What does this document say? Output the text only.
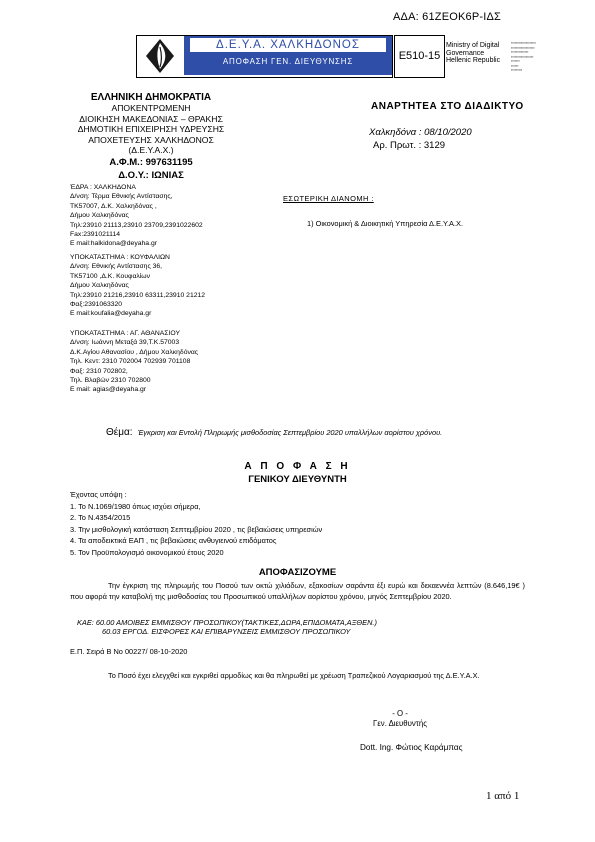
ΑΔΑ: 61ΖΕΟΚ6Ρ-ΙΔΣ
Δ.Ε.Υ.Α. ΧΑΛΚΗΔΟΝΟΣ
ΑΠΟΦΑΣΗ ΓΕΝ. ΔΙΕΥΘΥΝΣΗΣ	Ε510-15
Ministry of Digital
Governance
Hellenic Republic
▪▪▪▪▪▪▪▪▪▪▪▪▪▪▪▪▪▪▪▪
▪▪▪▪▪▪▪▪▪▪▪▪▪▪▪▪▪▪▪
▪▪▪▪▪▪▪▪▪▪▪▪▪▪
▪▪▪▪▪▪▪▪▪▪▪▪▪▪▪▪▪▪
▪▪▪▪▪▪▪
▪▪▪▪▪▪
▪▪▪▪▪▪▪▪▪
ΕΛΛΗΝΙΚΗ ΔΗΜΟΚΡΑΤΙΑ
ΑΠΟΚΕΝΤΡΩΜΕΝΗ
ΔΙΟΙΚΗΣΗ ΜΑΚΕΔΟΝΙΑΣ – ΘΡΑΚΗΣ
ΔΗΜΟΤΙΚΗ ΕΠΙΧΕΙΡΗΣΗ ΥΔΡΕΥΣΗΣ
ΑΠΟΧΕΤΕΥΣΗΣ ΧΑΛΚΗΔΟΝΟΣ
(Δ.Ε.Υ.Α.Χ.)
Α.Φ.Μ.: 997631195
Δ.Ο.Υ.: ΙΩΝΙΑΣ
ΈΔΡΑ : ΧΑΛΚΗΔΟΝΑ
Δ/νση: Τέρμα Εθνικής Αντίστασης,
ΤΚ57007, Δ.Κ. Χαλκηδόνας ,
Δήμου Χαλκηδόνας
Τηλ:23910 21113,23910 23709,2391022602
Fax:2391021114
E mail:halkidona@deyaha.gr
ΥΠΟΚΑΤΑΣΤΗΜΑ : ΚΟΥΦΑΛΙΩΝ
Δ/νση: Εθνικής Αντίστασης 36,
ΤΚ57100 ,Δ.Κ. Κουφαλίων
Δήμου Χαλκηδόνας
Τηλ:23910 21216,23910 63311,23910 21212
Φαξ:2391063320
E mail:koufalia@deyaha.gr
ΥΠΟΚΑΤΑΣΤΗΜΑ : ΑΓ. ΑΘΑΝΑΣΙΟΥ
Δ/νση: Ιωάννη Μεταξά 39,Τ.Κ.57003
Δ.Κ.Αγίου Αθανασίου , Δήμου Χαλκηδόνας
Τηλ. Κεντ: 2310 702004 702939 701108
Φαξ: 2310 702802,
Τηλ. Βλαβών 2310 702800
E mail: agias@deyaha.gr
ΑΝΑΡΤΗΤΕΑ ΣΤΟ ΔΙΑΔΙΚΤΥΟ
Χαλκηδόνα : 08/10/2020
Αρ. Πρωτ. : 3129
ΕΣΩΤΕΡΙΚΗ ΔΙΑΝΟΜΗ :
1) Οικονομική & Διοικητική Υπηρεσία Δ.Ε.Υ.Α.Χ.
Θέμα: Έγκριση και Εντολή Πληρωμής μισθοδοσίας Σεπτεμβρίου 2020 υπαλλήλων αορίστου χρόνου.
Α Π Ο Φ Α Σ Η
ΓΕΝΙΚΟΥ ΔΙΕΥΘΥΝΤΗ
Έχοντας υπόψη :
1. Το Ν.1069/1980 όπως ισχύει σήμερα,
2. Το Ν.4354/2015
3. Την μισθολογική κατάσταση Σεπτεμβρίου 2020 , τις βεβαιώσεις υπηρεσιών
4. Τα αποδεικτικά ΕΑΠ , τις βεβαιώσεις ανθυγιεινού επιδόματος
5. Τον Προϋπολογισμό οικονομικού έτους 2020
ΑΠΟΦΑΣΙΖΟΥΜΕ
Την έγκριση της πληρωμής του Ποσού των οκτώ χιλιάδων, εξακοσίων σαράντα έξι ευρώ και δεκαεννέα λεπτών (8.646,19€ ) που αφορά την καταβολή της μισθοδοσίας του Προσωπικού υπαλλήλων αορίστου χρόνου, μηνός Σεπτεμβρίου 2020.
ΚΑΕ: 60.00 ΑΜΟΙΒΕΣ ΕΜΜΙΣΘΟΥ ΠΡΟΣΩΠΙΚΟΥ(ΤΑΚΤΙΚΕΣ,ΔΩΡΑ,ΕΠΙΔΟΜΑΤΑ,ΑΞΘΕΝ.)
60.03 ΕΡΓΟΔ. ΕΙΣΦΟΡΕΣ ΚΑΙ ΕΠΙΒΑΡΥΝΣΕΙΣ ΕΜΜΙΣΘΟΥ ΠΡΟΣΩΠΙΚΟΥ
Ε.Π. Σειρά Β Νο 00227/ 08-10-2020
Το Ποσό έχει ελεγχθεί και εγκριθεί αρμοδίως και θα πληρωθεί με χρέωση Τραπεζικού Λογαριασμού της Δ.Ε.Υ.Α.Χ.
- Ο -
Γεν. Διευθυντής
Dott. Ing. Φώτιος Καράμπας
1 από 1
